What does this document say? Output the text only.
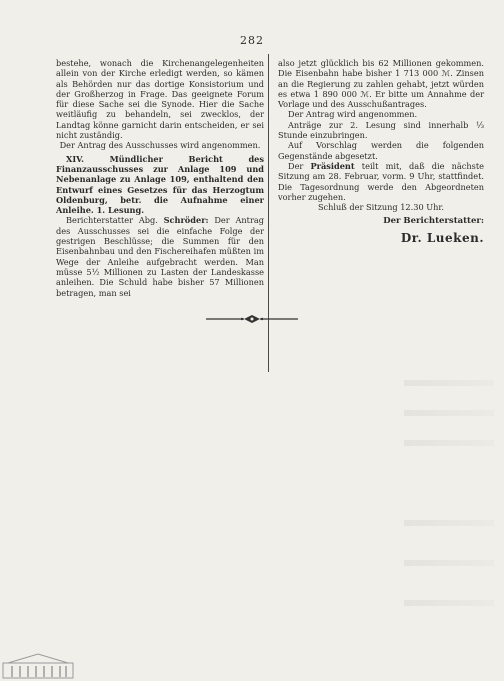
282

bestehe, wonach die Kirchenangelegenheiten allein von der Kirche erledigt werden, so kämen als Behörden nur das dortige Konsistorium und der Großherzog in Frage. Das geeignete Forum für diese Sache sei die Synode. Hier die Sache weitläufig zu behandeln, sei zwecklos, der Landtag könne garnicht darin entscheiden, er sei nicht zuständig.

Der Antrag des Ausschusses wird angenommen.

XIV. Mündlicher Bericht des Finanzausschusses zur Anlage 109 und Nebenanlage zu Anlage 109, enthaltend den Entwurf eines Gesetzes für das Herzogtum Oldenburg, betr. die Aufnahme einer Anleihe. 1. Lesung.

Berichterstatter Abg. Schröder: Der Antrag des Ausschusses sei die einfache Folge der gestrigen Beschlüsse; die Summen für den Eisenbahnbau und den Fischereihafen müßten im Wege der Anleihe aufgebracht werden. Man müsse 5½ Millionen zu Lasten der Landeskasse anleihen. Die Schuld habe bisher 57 Millionen betragen, man sei

also jetzt glücklich bis 62 Millionen gekommen. Die Eisenbahn habe bisher 1 713 000 ℳ. Zinsen an die Regierung zu zahlen gehabt, jetzt würden es etwa 1 890 000 ℳ. Er bitte um Annahme der Vorlage und des Ausschußantrages.

Der Antrag wird angenommen.

Anträge zur 2. Lesung sind innerhalb ⅓ Stunde einzubringen.

Auf Vorschlag werden die folgenden Gegenstände abgesetzt.

Der Präsident teilt mit, daß die nächste Sitzung am 28. Februar, vorm. 9 Uhr, stattfindet. Die Tagesordnung werde den Abgeordneten vorher zugehen.

Schluß der Sitzung 12.30 Uhr.

Der Berichterstatter:
Dr. Lueken.
